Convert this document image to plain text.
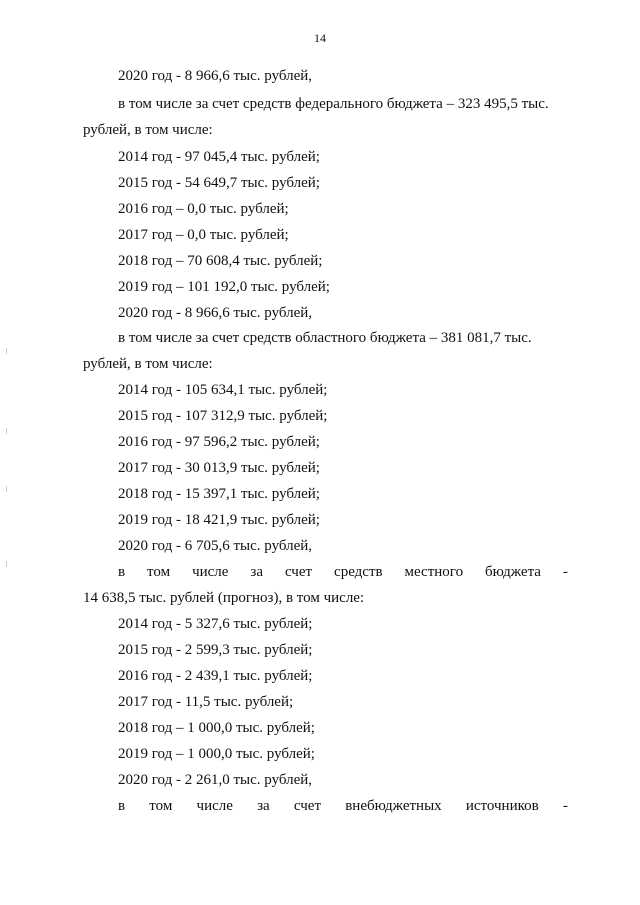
14
2020 год - 8 966,6 тыс. рублей,
в том числе за счет средств федерального бюджета – 323 495,5 тыс.
рублей, в том числе:
2014 год - 97 045,4 тыс. рублей;
2015 год - 54 649,7 тыс. рублей;
2016 год – 0,0 тыс. рублей;
2017 год – 0,0 тыс. рублей;
2018 год – 70 608,4 тыс. рублей;
2019 год – 101 192,0 тыс. рублей;
2020 год - 8 966,6 тыс. рублей,
в том числе за счет средств областного бюджета – 381 081,7 тыс.
рублей, в том числе:
2014 год - 105 634,1 тыс. рублей;
2015 год - 107 312,9 тыс. рублей;
2016 год - 97 596,2 тыс. рублей;
2017 год - 30 013,9 тыс. рублей;
2018 год - 15 397,1 тыс. рублей;
2019 год - 18 421,9 тыс. рублей;
2020 год - 6 705,6 тыс. рублей,
в том числе за счет средств местного бюджета -
14 638,5 тыс. рублей (прогноз), в том числе:
2014 год - 5 327,6 тыс. рублей;
2015 год - 2 599,3 тыс. рублей;
2016 год - 2 439,1 тыс. рублей;
2017 год - 11,5 тыс. рублей;
2018 год – 1 000,0 тыс. рублей;
2019 год – 1 000,0 тыс. рублей;
2020 год - 2 261,0 тыс. рублей,
в том числе за счет внебюджетных источников -
